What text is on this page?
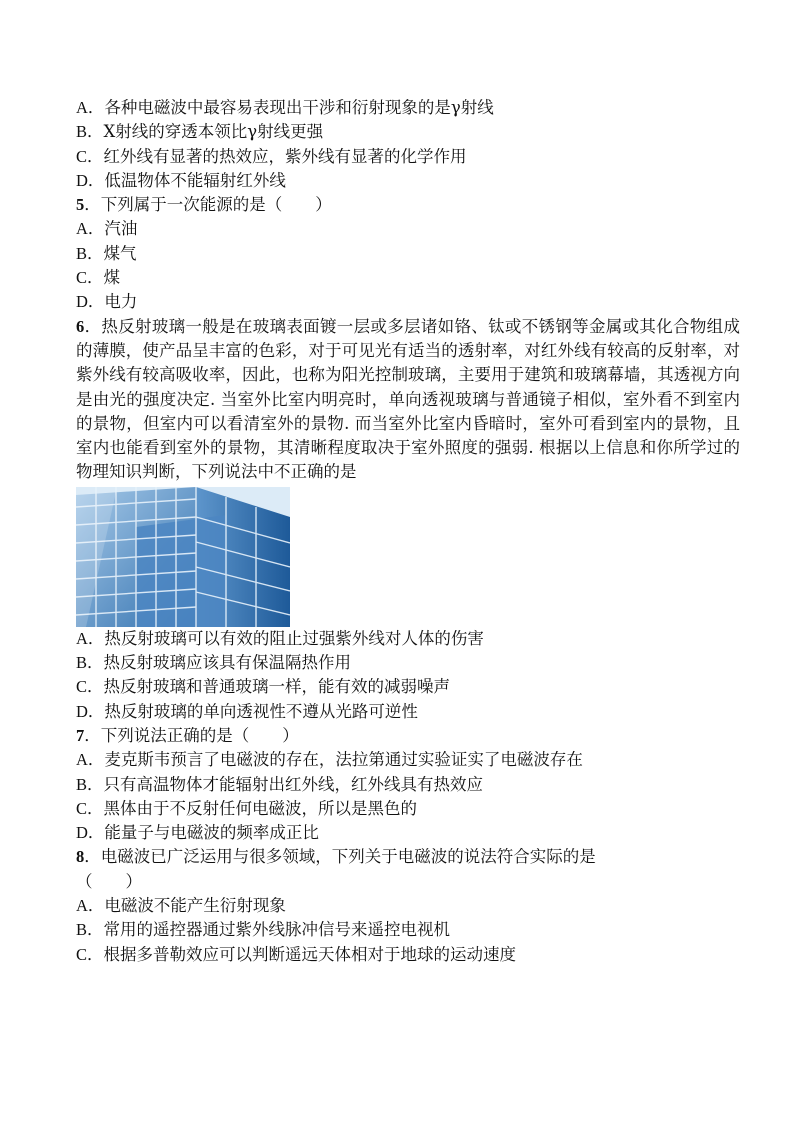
A．各种电磁波中最容易表现出干涉和衍射现象的是γ射线
B．X射线的穿透本领比γ射线更强
C．红外线有显著的热效应，紫外线有显著的化学作用
D．低温物体不能辐射红外线
5．下列属于一次能源的是（　　）
A．汽油
B．煤气
C．煤
D．电力
6．热反射玻璃一般是在玻璃表面镀一层或多层诸如铬、钛或不锈钢等金属或其化合物组成的薄膜，使产品呈丰富的色彩，对于可见光有适当的透射率，对红外线有较高的反射率，对紫外线有较高吸收率，因此，也称为阳光控制玻璃，主要用于建筑和玻璃幕墙，其透视方向是由光的强度决定. 当室外比室内明亮时，单向透视玻璃与普通镜子相似，室外看不到室内的景物，但室内可以看清室外的景物. 而当室外比室内昏暗时，室外可看到室内的景物，且室内也能看到室外的景物，其清晰程度取决于室外照度的强弱. 根据以上信息和你所学过的物理知识判断，下列说法中不正确的是
A．热反射玻璃可以有效的阻止过强紫外线对人体的伤害
B．热反射玻璃应该具有保温隔热作用
C．热反射玻璃和普通玻璃一样，能有效的减弱噪声
D．热反射玻璃的单向透视性不遵从光路可逆性
7．下列说法正确的是（　　）
A．麦克斯韦预言了电磁波的存在，法拉第通过实验证实了电磁波存在
B．只有高温物体才能辐射出红外线，红外线具有热效应
C．黑体由于不反射任何电磁波，所以是黑色的
D．能量子与电磁波的频率成正比
8．电磁波已广泛运用与很多领域，下列关于电磁波的说法符合实际的是
（　　）
A．电磁波不能产生衍射现象
B．常用的遥控器通过紫外线脉冲信号来遥控电视机
C．根据多普勒效应可以判断遥远天体相对于地球的运动速度
